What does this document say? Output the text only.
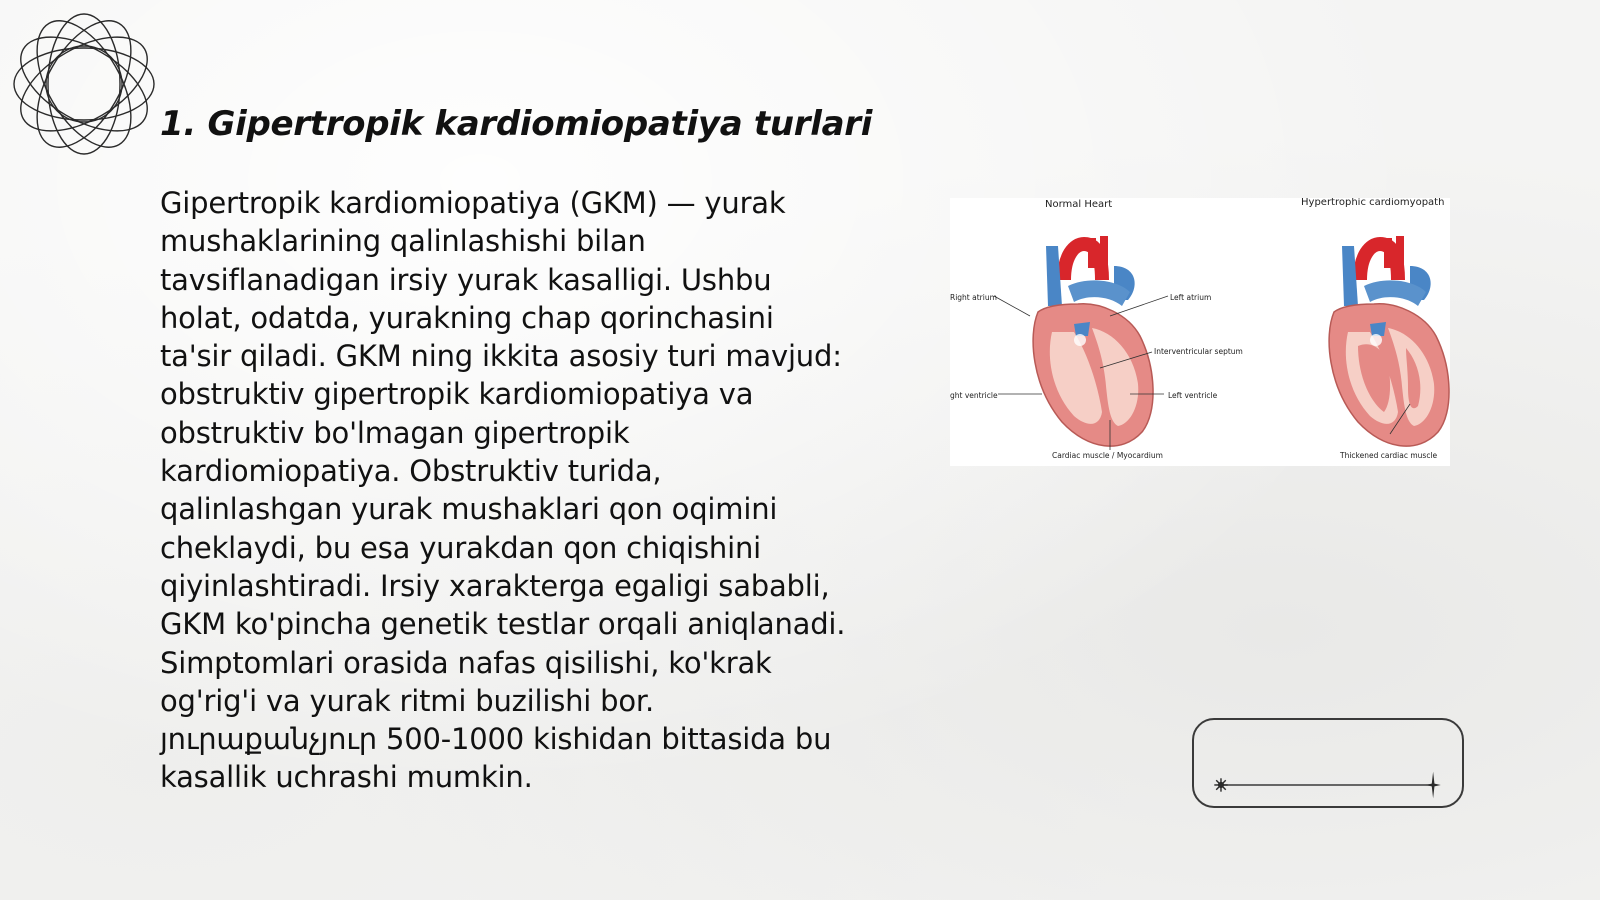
1. Gipertropik kardiomiopatiya turlari
Gipertropik kardiomiopatiya (GKM) — yurak mushaklarining qalinlashishi bilan tavsiflanadigan irsiy yurak kasalligi. Ushbu holat, odatda, yurakning chap qorinchasini ta'sir qiladi. GKM ning ikkita asosiy turi mavjud: obstruktiv gipertropik kardiomiopatiya va obstruktiv bo'lmagan gipertropik kardiomiopatiya. Obstruktiv turida, qalinlashgan yurak mushaklari qon oqimini cheklaydi, bu esa yurakdan qon chiqishini qiyinlashtiradi. Irsiy xarakterga egaligi sababli, GKM ko'pincha genetik testlar orqali aniqlanadi. Simptomlari orasida nafas qisilishi, ko'krak og'rig'i va yurak ritmi buzilishi bor. յուրաքանչյուր 500-1000 kishidan bittasida bu kasallik uchrashi mumkin.
Normal Heart	Hypertrophic cardiomyopath
Right atrium	Left atrium
Interventricular septum
ght ventricle	Left ventricle
Cardiac muscle / Myocardium	Thickened cardiac muscle
